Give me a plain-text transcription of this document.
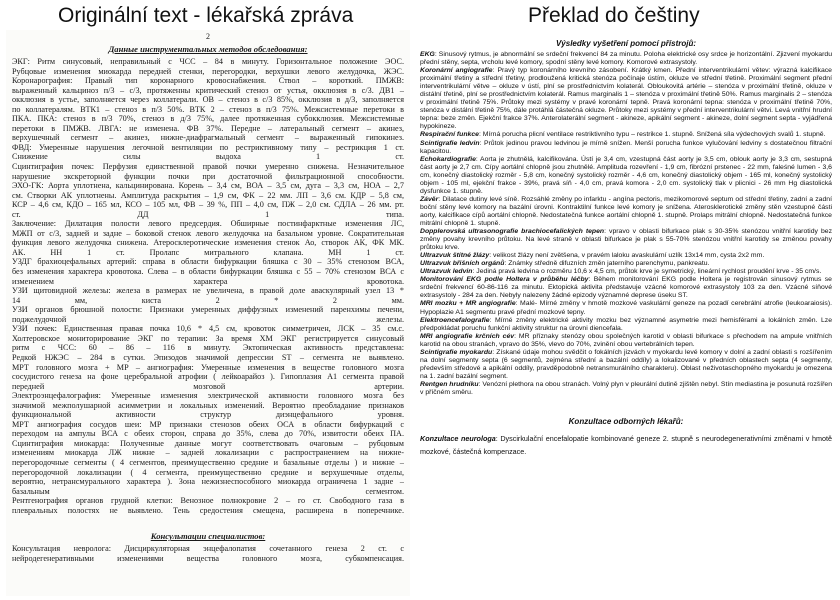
Originální text - lékařská zpráva	Překlad do češtiny
2
Данные инструментальных методов обследования:
ЭКГ: Ритм синусовый, неправильный с ЧСС – 84 в минуту. Горизонтальное положение ЭОС.
Рубцовые изменения миокарда передней стенки, перегородки, верхушки левого желудочка, ЖЭС.
Коронарография: Правый тип коронарного кровоснабжения. Ствол – короткий. ПМЖВ:
выраженный кальциноз п/3 – с/3, протяженны критический стеноз от устья, окклюзия в с/3. ДВ1 –
окклюзия в устье, заполняется через коллатерали. ОВ – стеноз в с/3 85%, окклюзия в д/3, заполняется
по коллатералям. ВТК1 – стеноз в п/3 50%. ВТК 2 – стеноз в п/3 75%. Межсистемные перетоки в
ПКА. ПКА: стеноз в п/3 70%, стеноз в д/3 75%, далее протяженная субокклюзия. Межсистемные
перетоки в ПМЖВ. ЛВГА: не изменена. ФВ 37%. Передне – латеральный сегмент – акинез,
верхушечный сегмент – акинез, нижне-диафрагмальный сегмент – выраженный гипокинез.
ФВД: Умеренные нарушения легочной вентиляции по рестриктивному типу – рестрикция 1 ст.
Снижение силы выдоха 1 ст.
Сцинтиграфия почек: Перфузия единственной правой почки умеренно снижена. Незначительное
нарушение экскреторной функции почки при достаточной фильтрационной способности.
ЭХО-ГК: Аорта уплотнена, кальцинирована. Корень – 3,4 см, ВОА – 3,5 см, дуга – 3,3 см, НОА – 2,7
см. Створки АК уплотнены. Амплитуда раскрытия – 1,9 см, ФК – 22 мм. ЛП – 3,6 см. КДР – 5,8 см,
КСР – 4,6 см, КДО – 165 мл, КСО – 105 мл, ФВ – 39 %, ПП – 4,0 см, ПЖ – 2,0 см. СДЛА – 26 мм. рт.
ст. ДД 1 типа.
Заключение: Дилатация полости левого предсердия. Обширные постинфарктные изменения ЛС,
МЖП от с/3, задней и задне – боковой стенок левого желудочка на базальном уровне. Сократительная
функция левого желудочка снижена. Атеросклеротические изменения стенок Ао, створок АК, ФК МК.
АК. НН 1 ст. Пролапс митрального клапана. МН 1 ст.
УЗДГ брахиоцефальных артерий: справа в области бифуркации бляшка с 30 – 35% стенозом ВСА,
без изменения характера кровотока. Слева – в области бифуркации бляшка с 55 – 70% стенозом ВСА с
изменением характера кровотока.
УЗИ щитовидной железы: железа в размерах не увеличена, в правой доле аваскулярный узел 13 *
14 мм, киста 2 * 2 мм.
УЗИ органов брюшной полости: Признаки умеренных диффузных изменений паренхимы печени,
поджелудочной железы.
УЗИ почек: Единственная правая почка 10,6 * 4,5 см, кровоток симметричен, ЛСК – 35 см.с.
Холтеровское мониторирование ЭКГ по терапии: За время ХМ ЭКГ регистрируется синусовый
ритм с ЧСС: 60 – 86 – 116 в минуту. Эктопическая активность представлена:
Редкой НЖЭС – 284 в сутки. Эпизодов значимой депрессии ST – сегмента не выявлено.
МРТ головного мозга + МР – ангиография: Умеренные изменения в веществе головного мозга
сосудистого генеза на фоне церебральной атрофии ( лейкоарайоз ). Гипоплазия А1 сегмента правой
передней мозговой артерии.
Электроэнцефалография: Умеренные изменения электрической активности головного мозга без
значимой межполушарной асимметрии и локальных изменений. Вероятно преобладание признаков
функциональной активности структур диэнцефального уровня.
МРТ ангиография сосудов шеи: МР признаки стенозов обеих ОСА в области бифуркаций с
переходом на ампулы ВСА с обеих сторон, справа до 35%, слева до 70%, извитости обеих ПА.
Сцинтиграфия миокарда: Полученные данные могут соответствовать очаговым – рубцовым
изменениям миокарда ЛЖ нижне – задней локализации с распространением на нижне-
перегородочные сегменты ( 4 сегментов, преимущественно средние и базальные отделы ) и нижне –
перегородочной локализации ( 4 сегмента, преимущественно средние и верхушечные отделы,
вероятно, нетрансмурального характера ). Зона нежизнеспособного миокарда ограничена 1 задне –
базальным сегментом.
Рентгенография органов грудной клетки: Венозное полнокровие 2 – го ст. Свободного газа в
плевральных полостях не выявлено. Тень средостения смещена, расширена в поперечнике.
Консультации специалистов:
Консультация невролога: Дисциркуляторная энцефалопатия сочетанного генеза 2 ст. с
нейродегенеративными изменениями вещества головного мозга, субкомпенсация.
Výsledky vyšetření pomocí přístrojů:

EKG: Sinusový rytmus, je abnormální se srdeční frekvencí 84 za minutu. Poloha elektrické osy srdce je horizontální. Zjizvení myokardu přední stěny, septa, vrcholu levé komory, spodní stěny levé komory. Komorové extrasystoly.

Koronární angiografie: Pravý typ koronárního krevního zásobení. Krátký kmen. Přední interventrikulární větev: výrazná kalcifikace proximální třetiny a střední třetiny, prodloužená kritická stenóza počínaje ústím, okluze ve střední třetině. Proximální segment přední interventrikulární větve – okluze v ústí, plní se prostřednictvím kolaterál. Obloukovitá artérie – stenóza v proximální třetině, okluze v distální třetině, plní se prostřednictvím kolaterál. Ramus marginalis 1 – stenóza v proximální třetině 50%. Ramus marginalis 2 – stenóza v proximální třetině 75%. Průtoky mezi systémy v pravé koronární tepně. Pravá koronární tepna: stenóza v proximální třetině 70%, stenóza v distální třetině 75%, dále protáhlá částečná okluze. Průtoky mezi systémy v přední interventrikulární větvi. Levá vnitřní hrudní tepna: beze změn. Ejekční frakce 37%. Anterolaterální segment - akineze, apikální segment - akineze, dolní segment septa - vyjádřená hypokineze.

Respirační funkce: Mírná porucha plicní ventilace restriktivního typu – restrikce 1. stupně. Snížená síla výdechových svalů 1. stupně.

Scintigrafie ledvin: Průtok jedinou pravou ledvinou je mírně snížen. Menší porucha funkce vylučování ledviny s dostatečnou filtrační kapacitou.

Echokardiografie: Aorta je zhutnělá, kalcifikována. Ústí je 3,4 cm, vzestupná část aorty je 3,5 cm, oblouk aorty je 3,3 cm, sestupná část aorty je 2,7 cm. Cípy aortální chlopně jsou zhutnělé. Amplituda rozevření - 1,9 cm, fibrózní prstenec - 22 mm, faleśné lumen - 3,6 cm, konečný diastolický rozměr - 5,8 cm, konečný systolický rozměr - 4,6 cm, konečný diastolický objem - 165 ml, konečný systolický objem - 105 ml, ejekční frakce - 39%, pravá síň - 4,0 cm, pravá komora - 2,0 cm. systolický tlak v plicnici - 26 mm Hg diastolická dysfunkce 1. stupně.

Závěr: Dilatace dutiny levé síně. Rozsáhlé změny po infarktu - angína pectoris, mezikomorové septum od střední třetiny, zadní a zadní boční stěny levé komory na bazální úrovni. Kontraktilní funkce levé komory je snížena. Aterosklerotické změny stěn vzestupné části aorty, kalcifikace cípů aortální chlopně. Nedostatečná funkce aortální chlopně 1. stupně. Prolaps mitrální chlopně. Nedostatečná funkce mitrální chlopně 1. stupně.

Dopplerovská ultrasonografie brachiocefalických tepen: vpravo v oblasti bifurkace plak s 30-35% stenózou vnitřní karotidy bez změny povahy krevního průtoku. Na levé straně v oblasti bifurkace je plak s 55-70% stenózou vnitřní karotidy se změnou povahy průtoku krve.

Ultrazvuk štítné žlázy: velikost žlázy není zvětšena, v pravém laloku avaskulární uzlík 13x14 mm, cysta 2x2 mm.

Ultrazvuk břišních orgánů: Známky středně difuzních změn jaterního parenchymu, pankreatu.

Ultrazvuk ledvin: Jediná pravá ledvina o rozměru 10,6 x 4,5 cm, průtok krve je symetrický, lineární rychlost proudění krve - 35 cm/s.

Monitorování EKG podle Holtera v průběhu léčby: Během monitorování EKG podle Holtera je registrován sinusový rytmus se srdeční frekvencí 60-86-116 za minutu. Ektopická aktivita představuje vzácné komorové extrasystoly 103 za den. Vzácné síňové extrasystoly - 284 za den. Nebyly nalezeny žádné epizody významné deprese úseku ST.

MRI mozku + MR angiografie: Malé- Mírné změny v hmotě mozkové vaskulární geneze na pozadí cerebrální atrofie (leukoaraiosis). Hypoplazie A1 segmentu pravé přední mozkové tepny.

Elektroencefalografie: Mírné změny elektrické aktivity mozku bez významné asymetrie mezi hemisférami a lokálních změn. Lze předpokládat poruchu funkční aktivity struktur na úrovni diencefala.

MRI angiografie krčních cév: MR příznaky stenózy obou společných karotid v oblasti bifurkace s přechodem na ampule vnitřních karotid na obou stranách, vpravo do 35%, vlevo do 70%, zvinění obou vertebrálních tepen.

Scintigrafie myokardu: Získané údaje mohou svědčit o fokálních jizvách v myokardu levé komory v dolní a zadní oblasti s rozšířením na dolní segmenty septa (6 segmentů, zejména střední a bazální oddíly) a lokalizované v předních oblastech septa (4 segmenty, především středové a apikální oddíly, pravděpodobně netransmurálního charakteru). Oblast neživotaschopného myokardu je omezena na 1. zadní bazální segment.

Rentgen hrudníku: Venózní plethora na obou stranách. Volný plyn v pleurální dutině zjištěn nebyl. Stín mediastina je posunutá rozšířen v příčném směru.

Konzultace odborných lékařů:

Konzultace neurologa: Dyscirkulační encefalopatie kombinované geneze 2. stupně s neurodegenerativními změnami v hmotě mozkové, částečná kompenzace.
